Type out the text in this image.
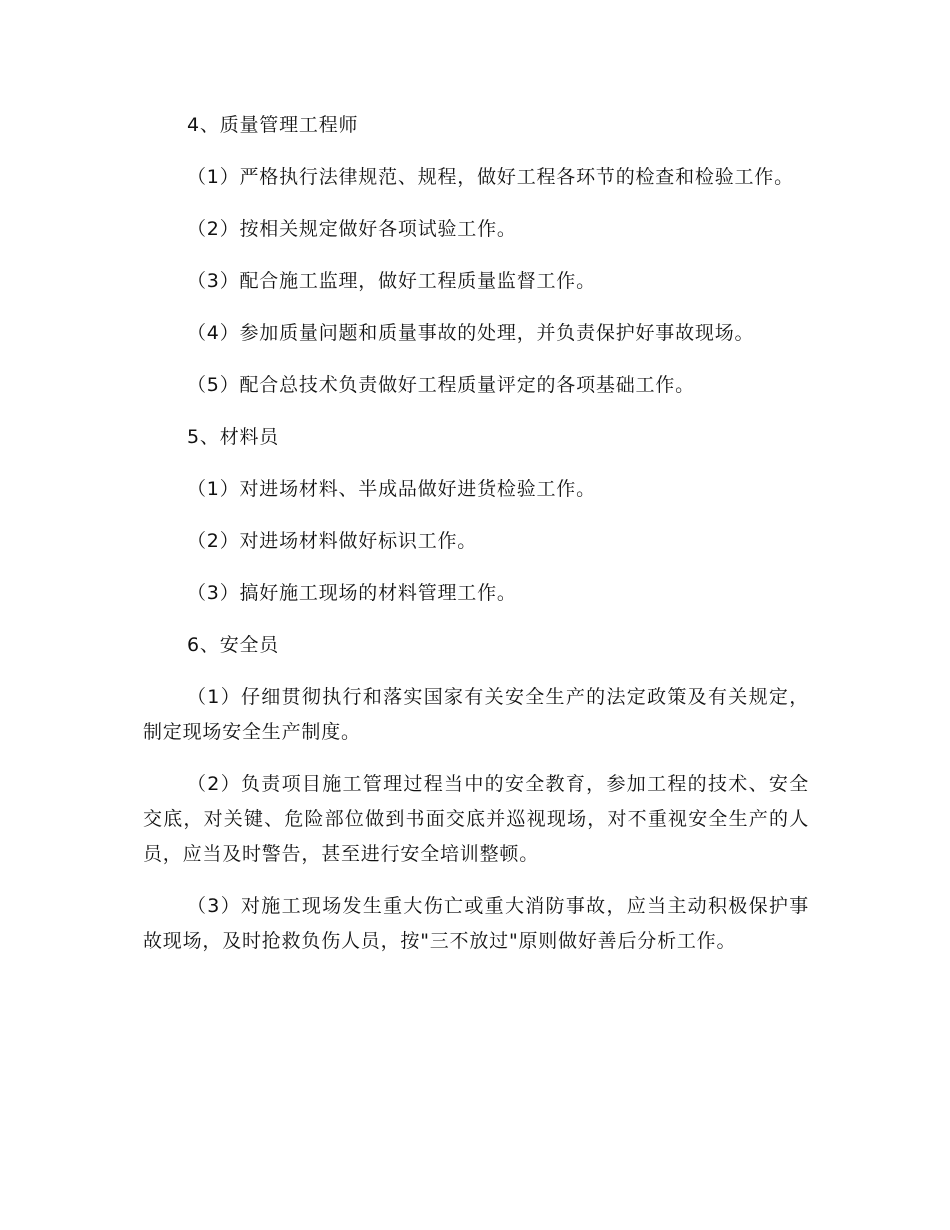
4、质量管理工程师

（1）严格执行法律规范、规程，做好工程各环节的检查和检验工作。

（2）按相关规定做好各项试验工作。

（3）配合施工监理，做好工程质量监督工作。

（4）参加质量问题和质量事故的处理，并负责保护好事故现场。

（5）配合总技术负责做好工程质量评定的各项基础工作。

5、材料员

（1）对进场材料、半成品做好进货检验工作。

（2）对进场材料做好标识工作。

（3）搞好施工现场的材料管理工作。

6、安全员

（1）仔细贯彻执行和落实国家有关安全生产的法定政策及有关规定，制定现场安全生产制度。

（2）负责项目施工管理过程当中的安全教育，参加工程的技术、安全交底，对关键、危险部位做到书面交底并巡视现场，对不重视安全生产的人员，应当及时警告，甚至进行安全培训整顿。

（3）对施工现场发生重大伤亡或重大消防事故，应当主动积极保护事故现场，及时抢救负伤人员，按"三不放过"原则做好善后分析工作。
